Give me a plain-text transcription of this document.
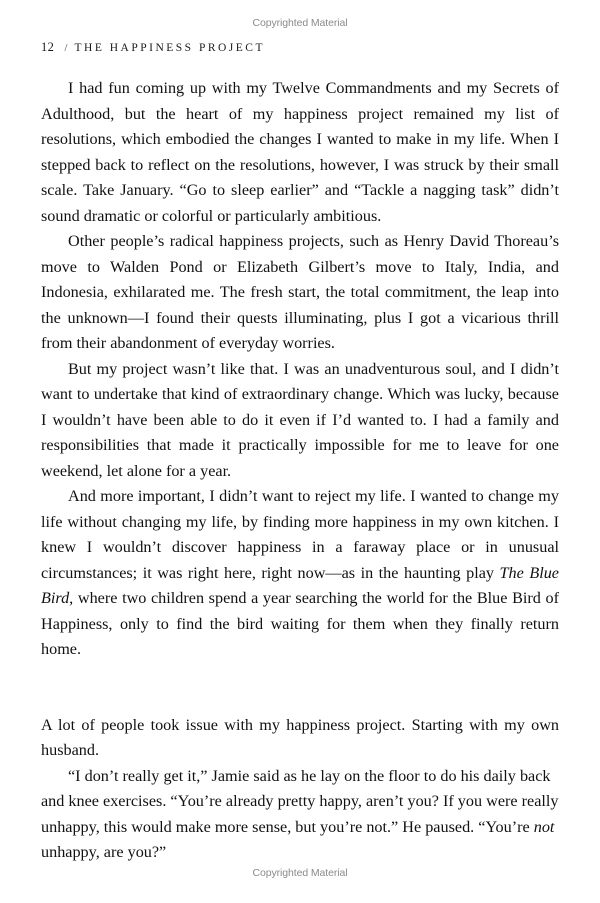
Copyrighted Material
12 / THE HAPPINESS PROJECT

I had fun coming up with my Twelve Commandments and my Secrets of Adulthood, but the heart of my happiness project remained my list of resolutions, which embodied the changes I wanted to make in my life. When I stepped back to reflect on the resolutions, however, I was struck by their small scale. Take January. “Go to sleep earlier” and “Tackle a nagging task” didn’t sound dramatic or colorful or particularly ambitious.

Other people’s radical happiness projects, such as Henry David Thoreau’s move to Walden Pond or Elizabeth Gilbert’s move to Italy, India, and Indonesia, exhilarated me. The fresh start, the total commitment, the leap into the unknown—I found their quests illuminating, plus I got a vicarious thrill from their abandonment of everyday worries.

But my project wasn’t like that. I was an unadventurous soul, and I didn’t want to undertake that kind of extraordinary change. Which was lucky, because I wouldn’t have been able to do it even if I’d wanted to. I had a family and responsibilities that made it practically impossible for me to leave for one weekend, let alone for a year.

And more important, I didn’t want to reject my life. I wanted to change my life without changing my life, by finding more happiness in my own kitchen. I knew I wouldn’t discover happiness in a faraway place or in unusual circumstances; it was right here, right now—as in the haunting play The Blue Bird, where two children spend a year searching the world for the Blue Bird of Happiness, only to find the bird waiting for them when they finally return home.

A lot of people took issue with my happiness project. Starting with my own husband.

“I don’t really get it,” Jamie said as he lay on the floor to do his daily back and knee exercises. “You’re already pretty happy, aren’t you? If you were really unhappy, this would make more sense, but you’re not.” He paused. “You’re not unhappy, are you?”

Copyrighted Material
